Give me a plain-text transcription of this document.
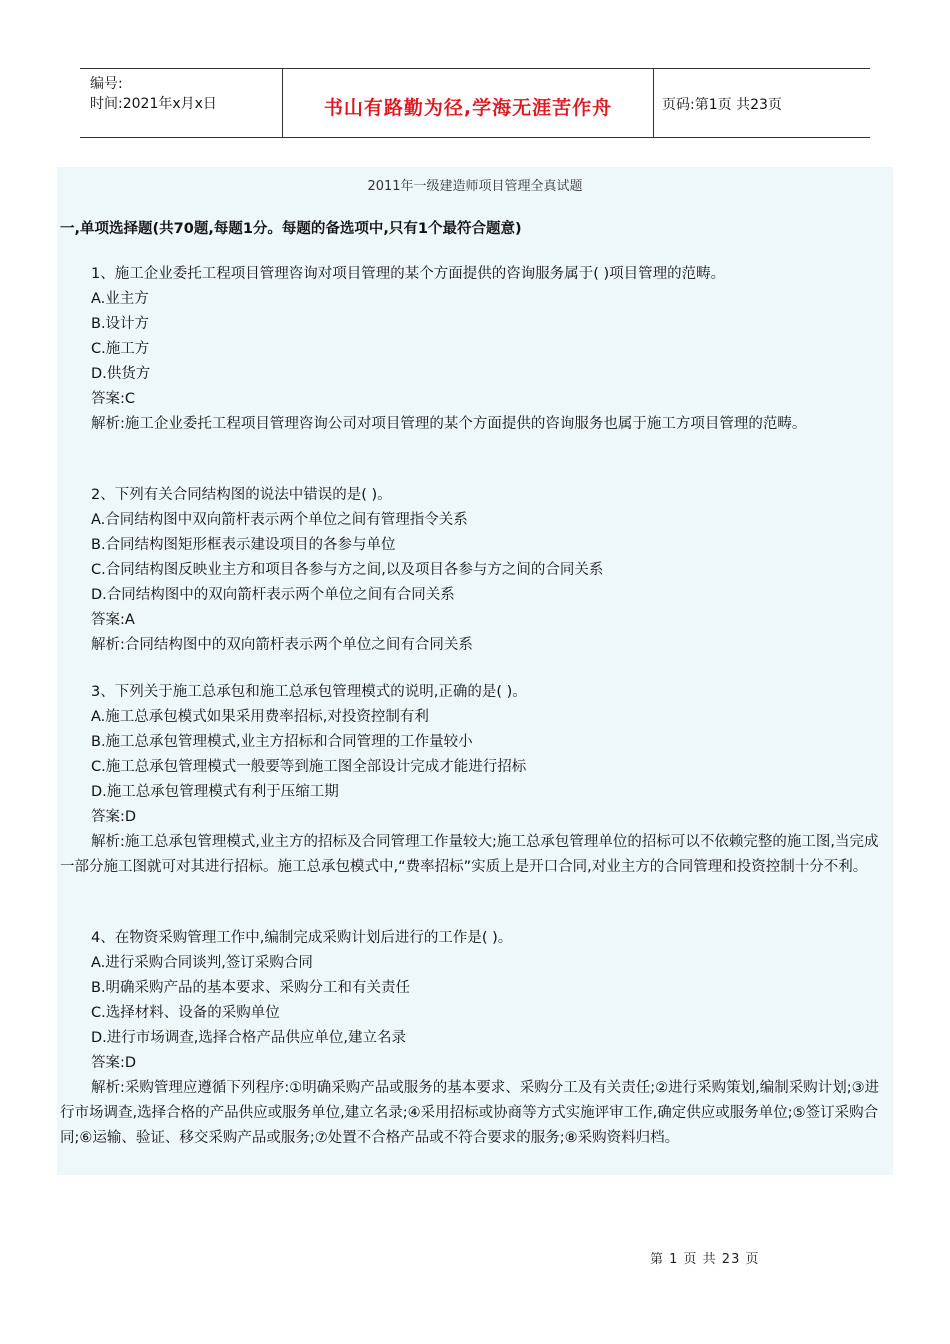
编号:
时间:2021年x月x日	书山有路勤为径,学海无涯苦作舟	页码:第1页 共23页
2011年一级建造师项目管理全真试题
一,单项选择题(共70题,每题1分。每题的备选项中,只有1个最符合题意)
1、施工企业委托工程项目管理咨询对项目管理的某个方面提供的咨询服务属于( )项目管理的范畴。
A.业主方
B.设计方
C.施工方
D.供货方
答案:C
解析:施工企业委托工程项目管理咨询公司对项目管理的某个方面提供的咨询服务也属于施工方项目管理的范畴。
2、下列有关合同结构图的说法中错误的是( )。
A.合同结构图中双向箭杆表示两个单位之间有管理指令关系
B.合同结构图矩形框表示建设项目的各参与单位
C.合同结构图反映业主方和项目各参与方之间,以及项目各参与方之间的合同关系
D.合同结构图中的双向箭杆表示两个单位之间有合同关系
答案:A
解析:合同结构图中的双向箭杆表示两个单位之间有合同关系
3、下列关于施工总承包和施工总承包管理模式的说明,正确的是( )。
A.施工总承包模式如果采用费率招标,对投资控制有利
B.施工总承包管理模式,业主方招标和合同管理的工作量较小
C.施工总承包管理模式一般要等到施工图全部设计完成才能进行招标
D.施工总承包管理模式有利于压缩工期
答案:D
解析:施工总承包管理模式,业主方的招标及合同管理工作量较大;施工总承包管理单位的招标可以不依赖完整的施工图,当完成一部分施工图就可对其进行招标。施工总承包模式中,“费率招标”实质上是开口合同,对业主方的合同管理和投资控制十分不利。
4、在物资采购管理工作中,编制完成采购计划后进行的工作是( )。
A.进行采购合同谈判,签订采购合同
B.明确采购产品的基本要求、采购分工和有关责任
C.选择材料、设备的采购单位
D.进行市场调查,选择合格产品供应单位,建立名录
答案:D
解析:采购管理应遵循下列程序:①明确采购产品或服务的基本要求、采购分工及有关责任;②进行采购策划,编制采购计划;③进行市场调查,选择合格的产品供应或服务单位,建立名录;④采用招标或协商等方式实施评审工作,确定供应或服务单位;⑤签订采购合同;⑥运输、验证、移交采购产品或服务;⑦处置不合格产品或不符合要求的服务;⑧采购资料归档。
第 1 页 共 23 页
